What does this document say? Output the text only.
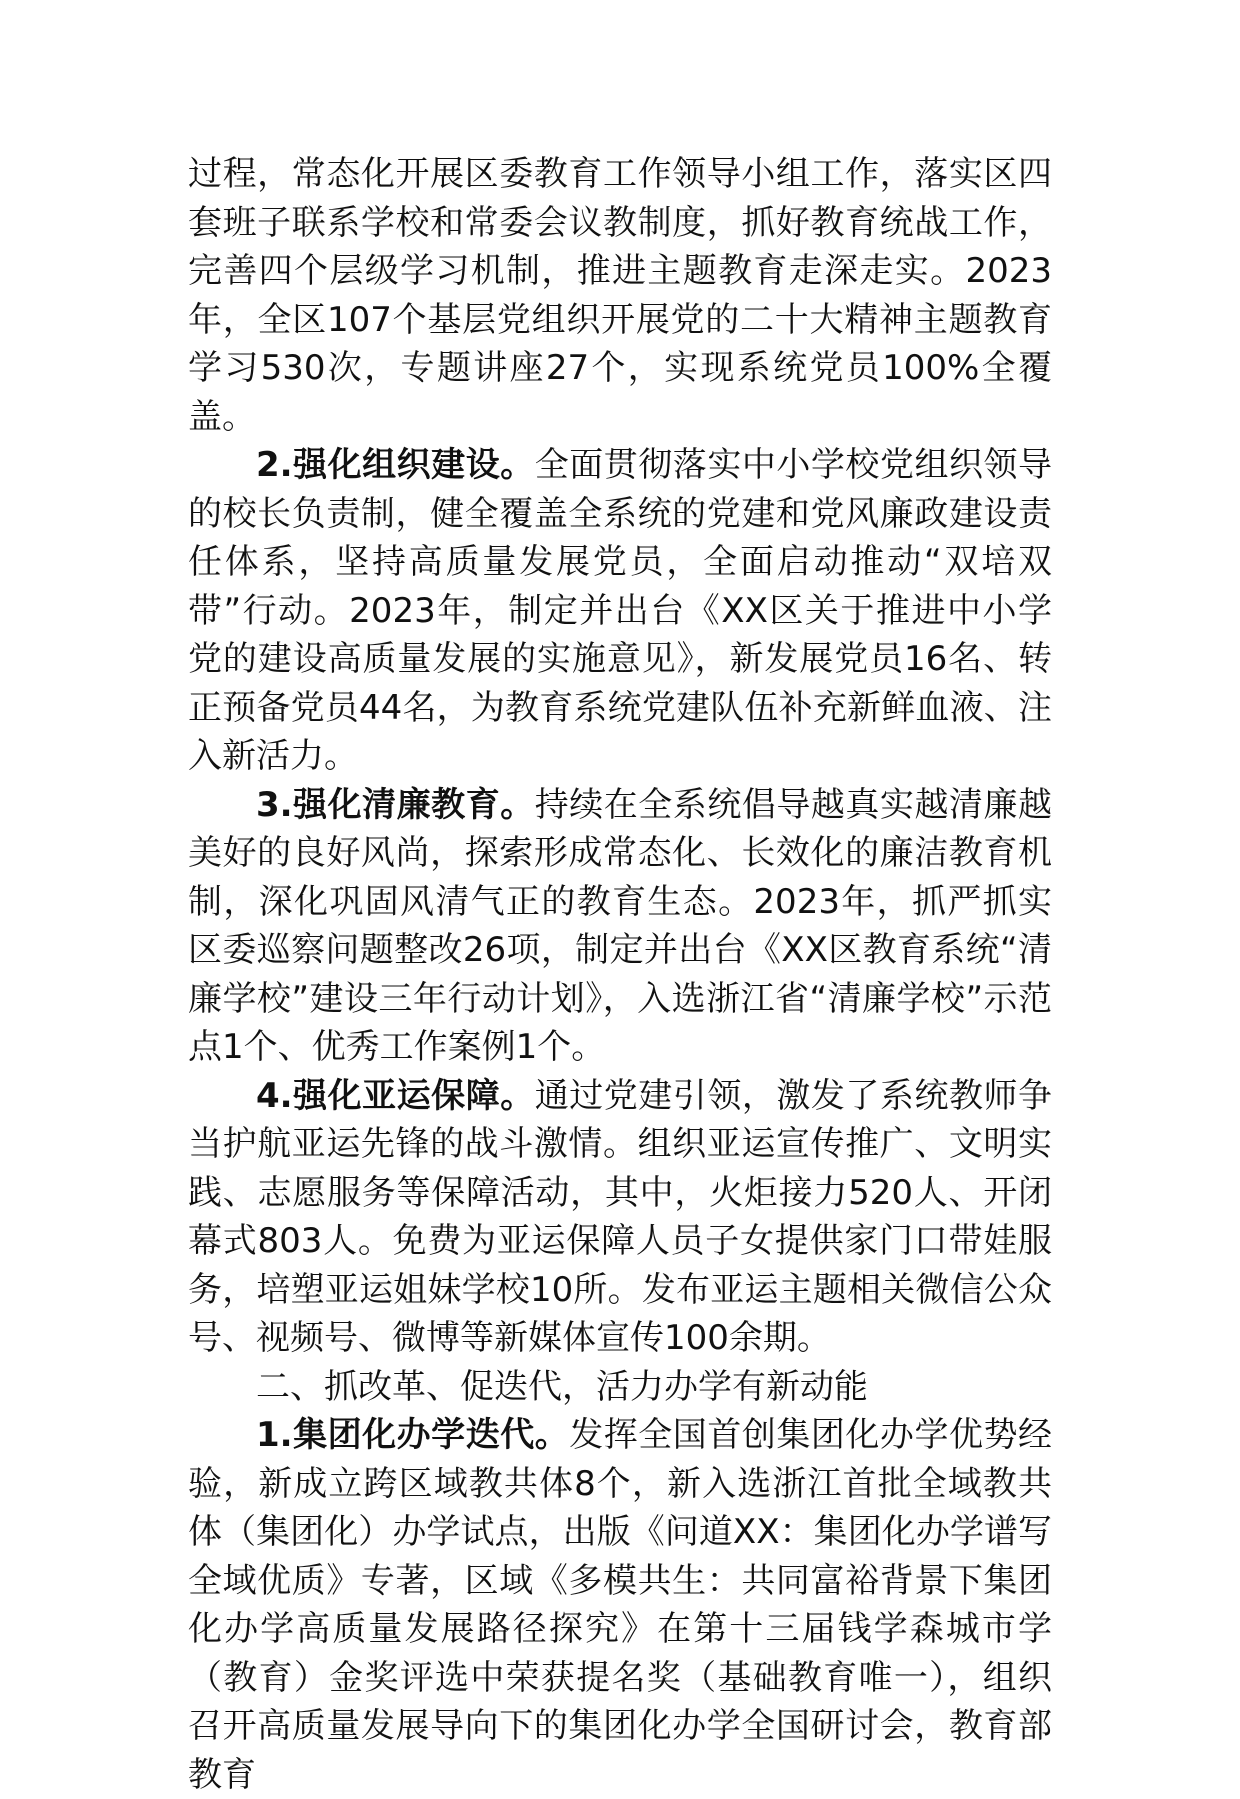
过程，常态化开展区委教育工作领导小组工作，落实区四套班子联系学校和常委会议教制度，抓好教育统战工作，完善四个层级学习机制，推进主题教育走深走实。2023年，全区107个基层党组织开展党的二十大精神主题教育学习530次，专题讲座27个，实现系统党员100%全覆盖。

2.强化组织建设。全面贯彻落实中小学校党组织领导的校长负责制，健全覆盖全系统的党建和党风廉政建设责任体系，坚持高质量发展党员，全面启动推动“双培双带”行动。2023年，制定并出台《XX区关于推进中小学党的建设高质量发展的实施意见》，新发展党员16名、转正预备党员44名，为教育系统党建队伍补充新鲜血液、注入新活力。

3.强化清廉教育。持续在全系统倡导越真实越清廉越美好的良好风尚，探索形成常态化、长效化的廉洁教育机制，深化巩固风清气正的教育生态。2023年，抓严抓实区委巡察问题整改26项，制定并出台《XX区教育系统“清廉学校”建设三年行动计划》，入选浙江省“清廉学校”示范点1个、优秀工作案例1个。

4.强化亚运保障。通过党建引领，激发了系统教师争当护航亚运先锋的战斗激情。组织亚运宣传推广、文明实践、志愿服务等保障活动，其中，火炬接力520人、开闭幕式803人。免费为亚运保障人员子女提供家门口带娃服务，培塑亚运姐妹学校10所。发布亚运主题相关微信公众号、视频号、微博等新媒体宣传100余期。

二、抓改革、促迭代，活力办学有新动能

1.集团化办学迭代。发挥全国首创集团化办学优势经验，新成立跨区域教共体8个，新入选浙江首批全域教共体（集团化）办学试点，出版《问道XX：集团化办学谱写全域优质》专著，区域《多模共生：共同富裕背景下集团化办学高质量发展路径探究》在第十三届钱学森城市学（教育）金奖评选中荣获提名奖（基础教育唯一），组织召开高质量发展导向下的集团化办学全国研讨会，教育部教育
